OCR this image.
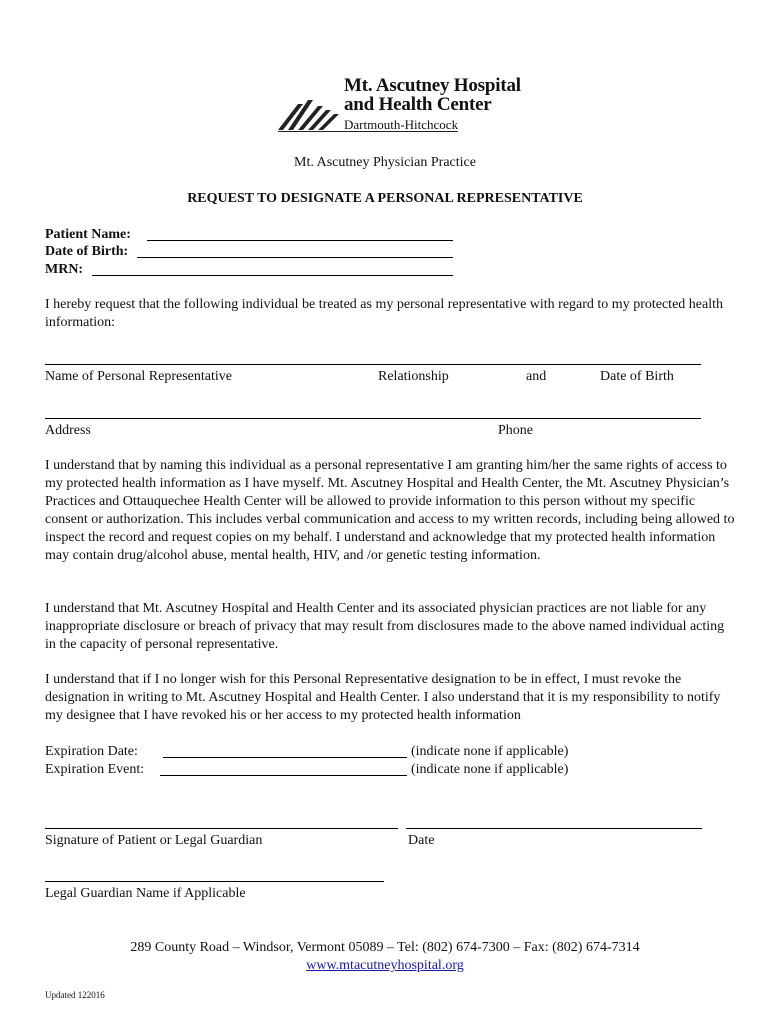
Mt. Ascutney Hospital
and Health Center
Dartmouth-Hitchcock
Mt. Ascutney Physician Practice
REQUEST TO DESIGNATE A PERSONAL REPRESENTATIVE
Patient Name:
Date of Birth:
MRN:
I hereby request that the following individual be treated as my personal representative with regard to my protected health information:
Name of Personal Representative	Relationship	and	Date of Birth
Address	Phone
I understand that by naming this individual as a personal representative I am granting him/her the same rights of access to my protected health information as I have myself. Mt. Ascutney Hospital and Health Center, the Mt. Ascutney Physician’s Practices and Ottauquechee Health Center will be allowed to provide information to this person without my specific consent or authorization. This includes verbal communication and access to my written records, including being allowed to inspect the record and request copies on my behalf. I understand and acknowledge that my protected health information may contain drug/alcohol abuse, mental health, HIV, and /or genetic testing information.
I understand that Mt. Ascutney Hospital and Health Center and its associated physician practices are not liable for any inappropriate disclosure or breach of privacy that may result from disclosures made to the above named individual acting in the capacity of personal representative.
I understand that if I no longer wish for this Personal Representative designation to be in effect, I must revoke the designation in writing to Mt. Ascutney Hospital and Health Center. I also understand that it is my responsibility to notify my designee that I have revoked his or her access to my protected health information
Expiration Date:	(indicate none if applicable)
Expiration Event:	(indicate none if applicable)
Signature of Patient or Legal Guardian	Date
Legal Guardian Name if Applicable
289 County Road – Windsor, Vermont 05089 – Tel: (802) 674-7300 – Fax: (802) 674-7314
www.mtacutneyhospital.org
Updated 122016
